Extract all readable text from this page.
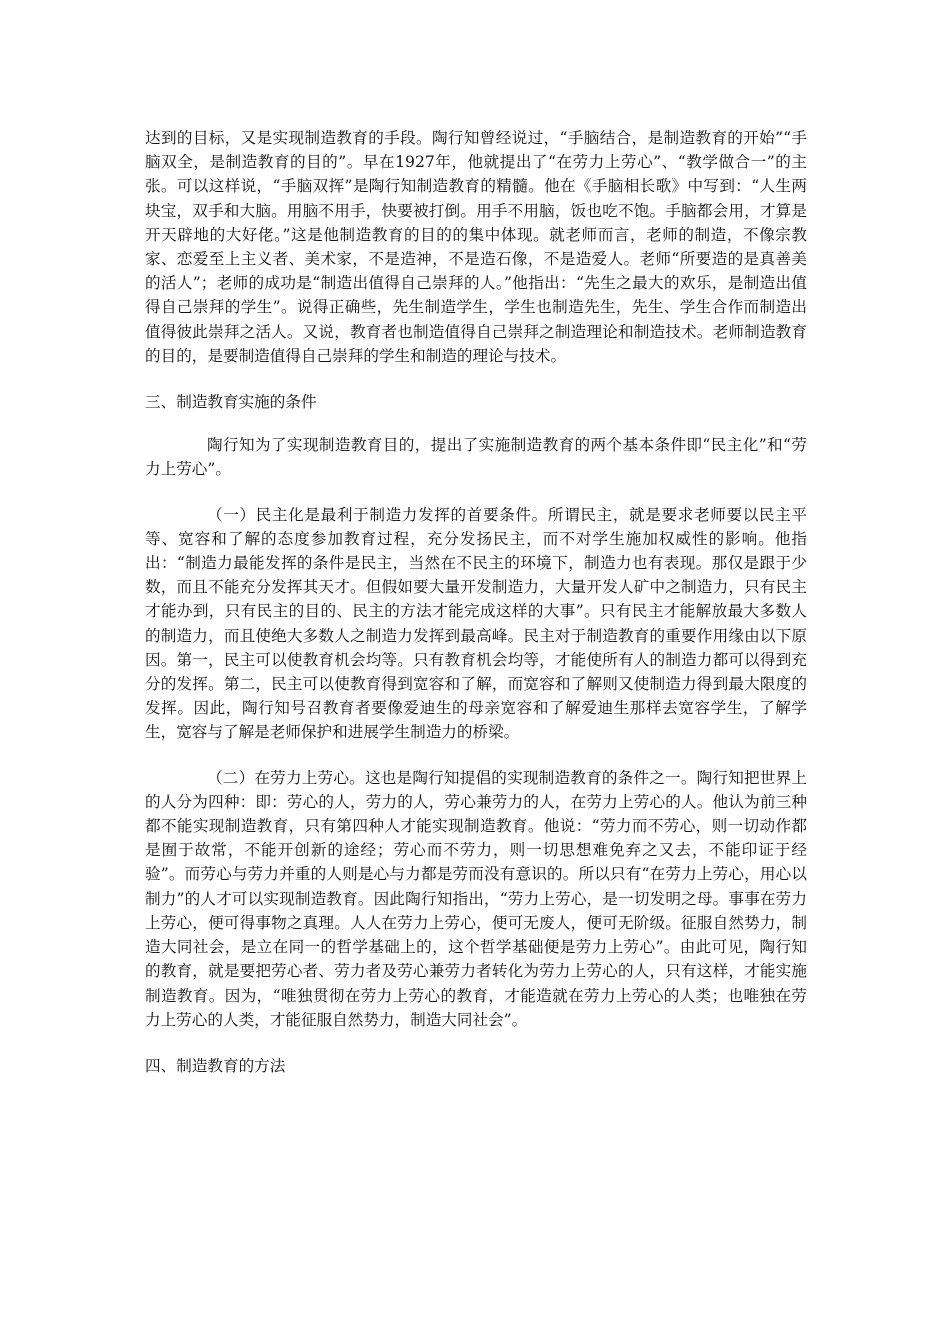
达到的目标，又是实现制造教育的手段。陶行知曾经说过，“手脑结合，是制造教育的开始”“手脑双全，是制造教育的目的”。早在1927年，他就提出了“在劳力上劳心”、“教学做合一”的主张。可以这样说，“手脑双挥”是陶行知制造教育的精髓。他在《手脑相长歌》中写到：“人生两块宝，双手和大脑。用脑不用手，快要被打倒。用手不用脑，饭也吃不饱。手脑都会用，才算是开天辟地的大好佬。”这是他制造教育的目的的集中体现。就老师而言，老师的制造，不像宗教家、恋爱至上主义者、美术家，不是造神，不是造石像，不是造爱人。老师“所要造的是真善美的活人”；老师的成功是“制造出值得自己崇拜的人。”他指出：“先生之最大的欢乐，是制造出值得自己崇拜的学生”。说得正确些，先生制造学生，学生也制造先生，先生、学生合作而制造出值得彼此崇拜之活人。又说，教育者也制造值得自己崇拜之制造理论和制造技术。老师制造教育的目的，是要制造值得自己崇拜的学生和制造的理论与技术。

三、制造教育实施的条件

陶行知为了实现制造教育目的，提出了实施制造教育的两个基本条件即“民主化”和“劳力上劳心”。

（一）民主化是最利于制造力发挥的首要条件。所谓民主，就是要求老师要以民主平等、宽容和了解的态度参加教育过程，充分发扬民主，而不对学生施加权威性的影响。他指出：“制造力最能发挥的条件是民主，当然在不民主的环境下，制造力也有表现。那仅是跟于少数，而且不能充分发挥其天才。但假如要大量开发制造力，大量开发人矿中之制造力，只有民主才能办到，只有民主的目的、民主的方法才能完成这样的大事”。只有民主才能解放最大多数人的制造力，而且使绝大多数人之制造力发挥到最高峰。民主对于制造教育的重要作用缘由以下原因。第一，民主可以使教育机会均等。只有教育机会均等，才能使所有人的制造力都可以得到充分的发挥。第二，民主可以使教育得到宽容和了解，而宽容和了解则又使制造力得到最大限度的发挥。因此，陶行知号召教育者要像爱迪生的母亲宽容和了解爱迪生那样去宽容学生，了解学生，宽容与了解是老师保护和进展学生制造力的桥梁。

（二）在劳力上劳心。这也是陶行知提倡的实现制造教育的条件之一。陶行知把世界上的人分为四种：即：劳心的人，劳力的人，劳心兼劳力的人，在劳力上劳心的人。他认为前三种都不能实现制造教育，只有第四种人才能实现制造教育。他说：“劳力而不劳心，则一切动作都是囿于故常，不能开创新的途经；劳心而不劳力，则一切思想难免弃之又去，不能印证于经验”。而劳心与劳力并重的人则是心与力都是劳而没有意识的。所以只有“在劳力上劳心，用心以制力”的人才可以实现制造教育。因此陶行知指出，“劳力上劳心，是一切发明之母。事事在劳力上劳心，便可得事物之真理。人人在劳力上劳心，便可无废人，便可无阶级。征服自然势力，制造大同社会，是立在同一的哲学基础上的，这个哲学基础便是劳力上劳心”。由此可见，陶行知的教育，就是要把劳心者、劳力者及劳心兼劳力者转化为劳力上劳心的人，只有这样，才能实施制造教育。因为，“唯独贯彻在劳力上劳心的教育，才能造就在劳力上劳心的人类；也唯独在劳力上劳心的人类，才能征服自然势力，制造大同社会”。

四、制造教育的方法
